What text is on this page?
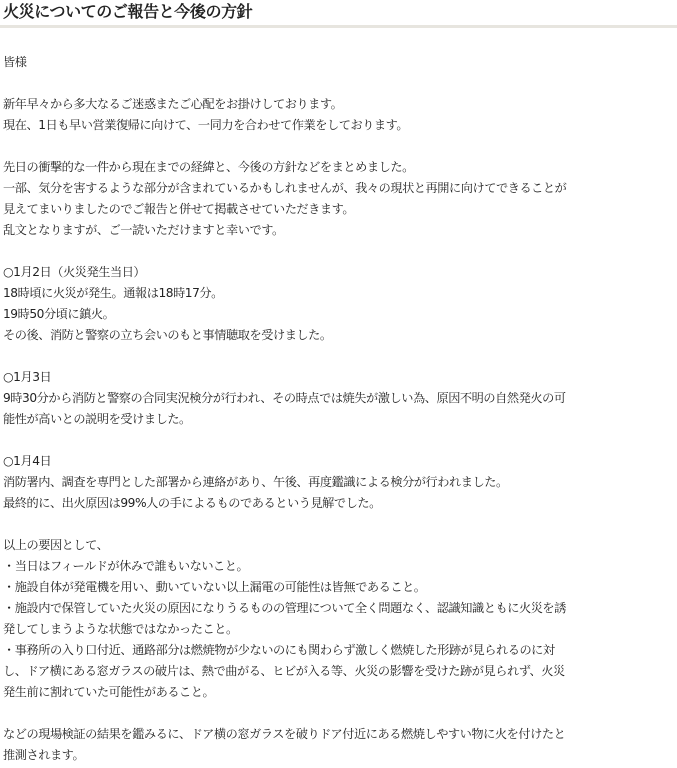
火災についてのご報告と今後の方針
皆様
新年早々から多大なるご迷惑またご心配をお掛けしております。
現在、1日も早い営業復帰に向けて、一同力を合わせて作業をしております。
先日の衝撃的な一件から現在までの経緯と、今後の方針などをまとめました。
一部、気分を害するような部分が含まれているかもしれませんが、我々の現状と再開に向けてできることが
見えてまいりましたのでご報告と併せて掲載させていただきます。
乱文となりますが、ご一読いただけますと幸いです。
○1月2日（火災発生当日）
18時頃に火災が発生。通報は18時17分。
19時50分頃に鎮火。
その後、消防と警察の立ち会いのもと事情聴取を受けました。
○1月3日
9時30分から消防と警察の合同実況検分が行われ、その時点では焼失が激しい為、原因不明の自然発火の可
能性が高いとの説明を受けました。
○1月4日
消防署内、調査を専門とした部署から連絡があり、午後、再度鑑識による検分が行われました。
最終的に、出火原因は99%人の手によるものであるという見解でした。
以上の要因として、
・当日はフィールドが休みで誰もいないこと。
・施設自体が発電機を用い、動いていない以上漏電の可能性は皆無であること。
・施設内で保管していた火災の原因になりうるものの管理について全く問題なく、認識知識ともに火災を誘
発してしまうような状態ではなかったこと。
・事務所の入り口付近、通路部分は燃焼物が少ないのにも関わらず激しく燃焼した形跡が見られるのに対
し、ドア横にある窓ガラスの破片は、熱で曲がる、ヒビが入る等、火災の影響を受けた跡が見られず、火災
発生前に割れていた可能性があること。
などの現場検証の結果を鑑みるに、ドア横の窓ガラスを破りドア付近にある燃焼しやすい物に火を付けたと
推測されます。
